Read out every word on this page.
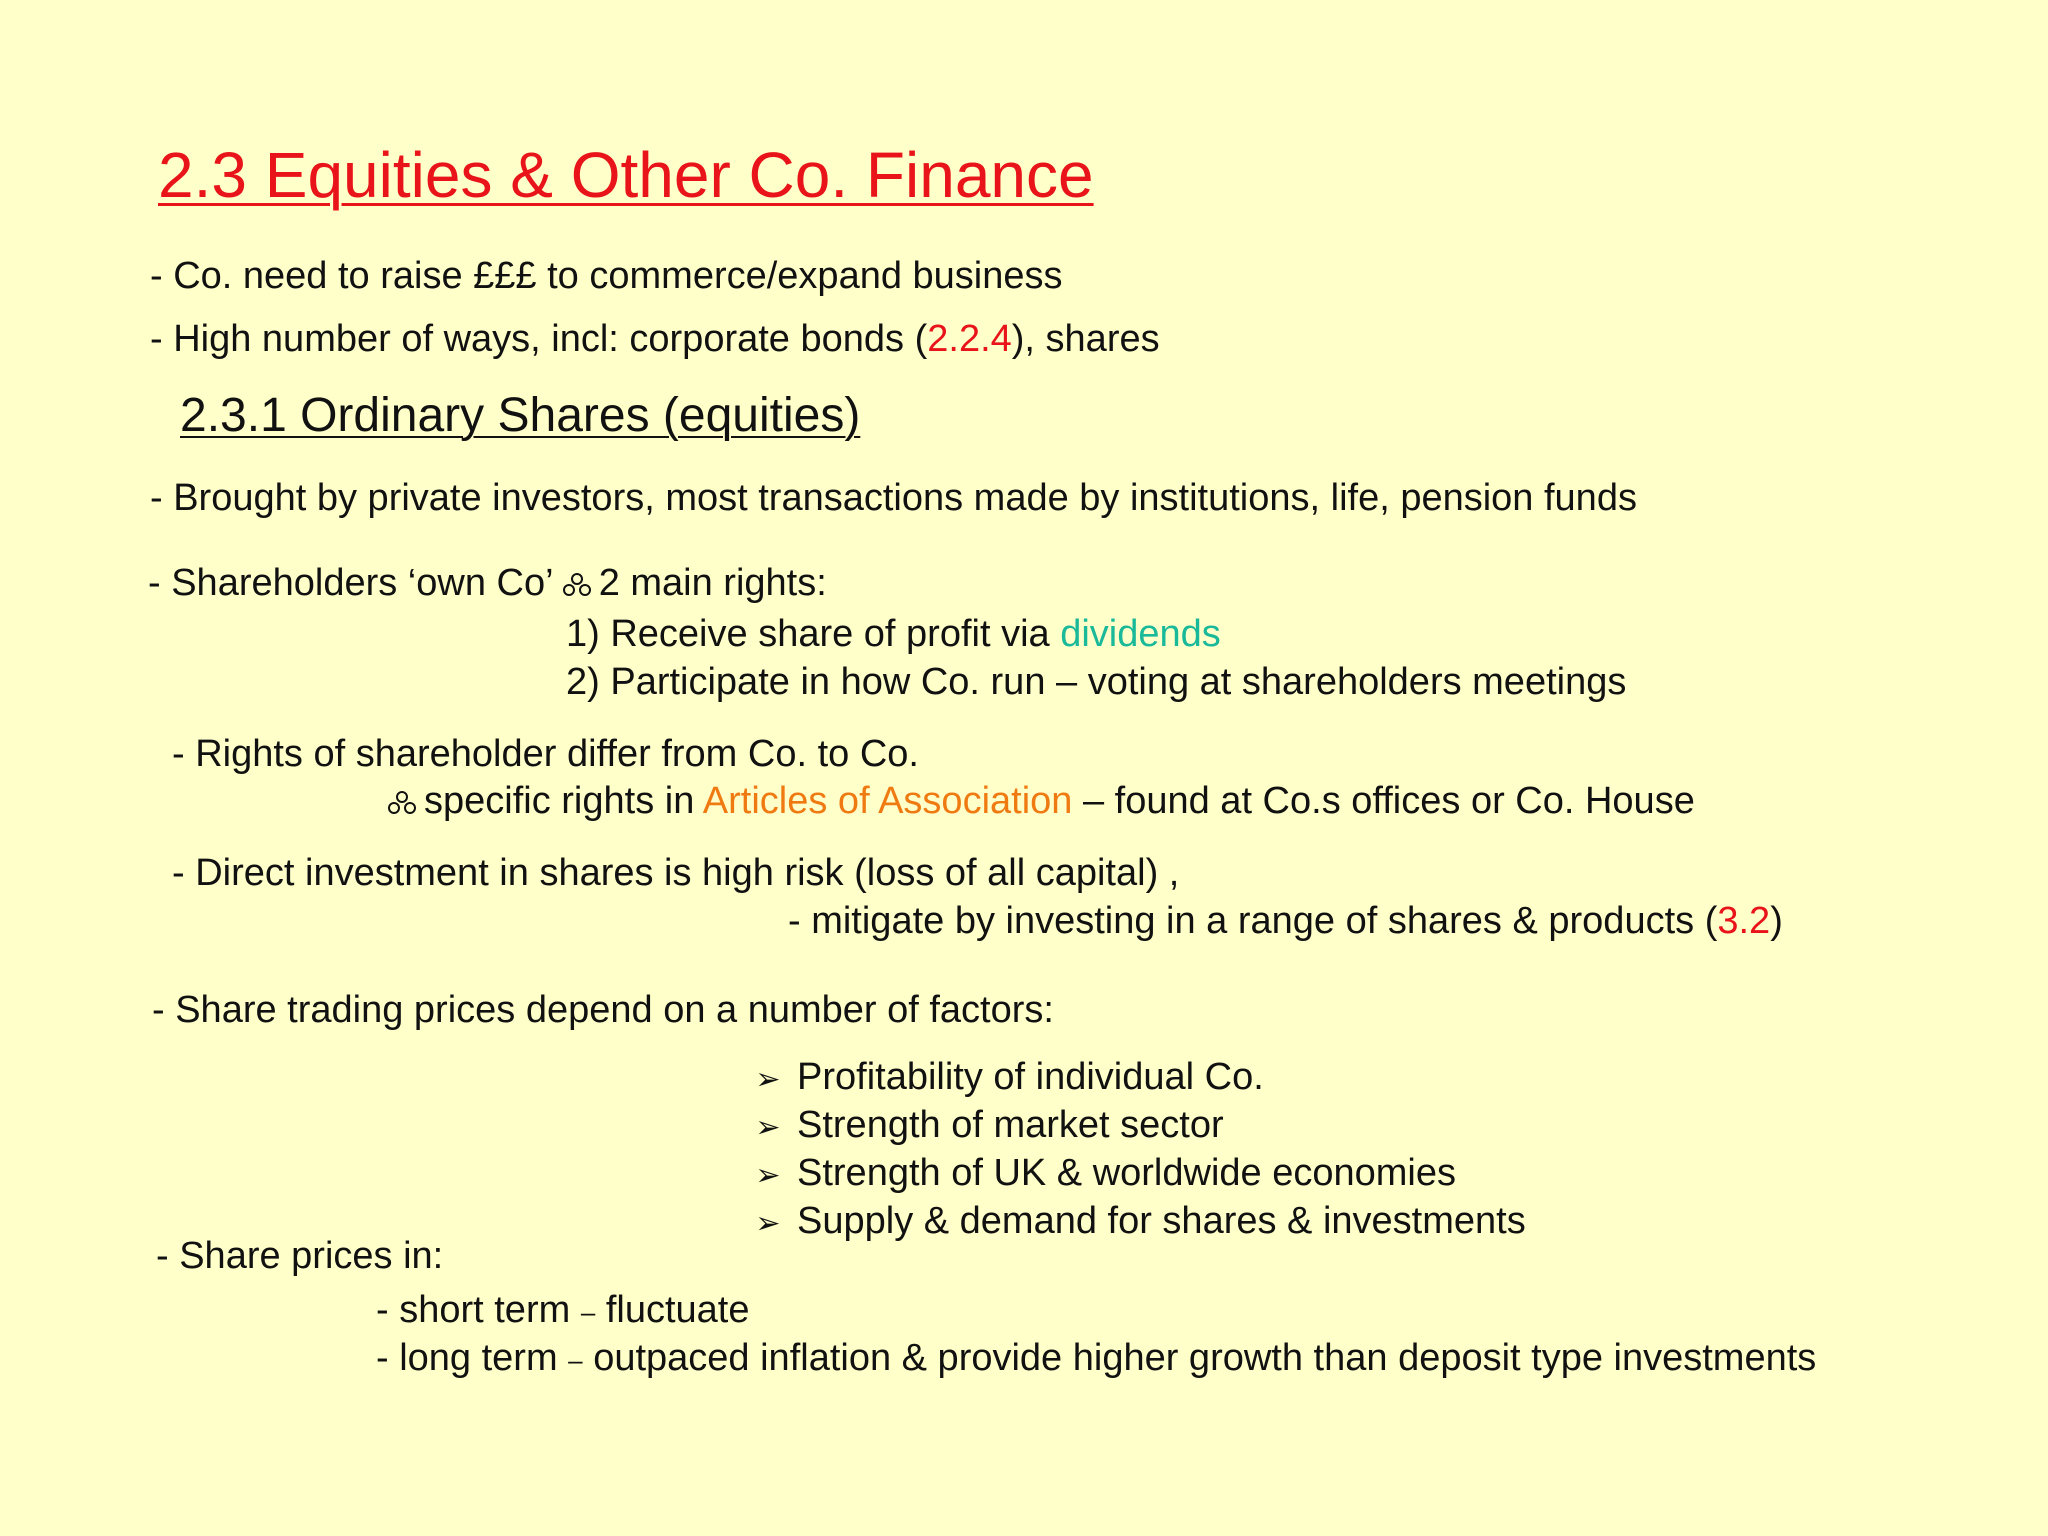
2.3 Equities & Other Co. Finance
- Co. need to raise £££ to commerce/expand business
- High number of ways, incl: corporate bonds (2.2.4), shares
2.3.1 Ordinary Shares (equities)
- Brought by private investors, most transactions made by institutions, life, pension funds
- Shareholders ‘own Co’ 2 main rights:
1) Receive share of profit via dividends
2) Participate in how Co. run – voting at shareholders meetings
- Rights of shareholder differ from Co. to Co.
specific rights in Articles of Association – found at Co.s offices or Co. House
- Direct investment in shares is high risk (loss of all capital) ,
- mitigate by investing in a range of shares & products (3.2)
- Share trading prices depend on a number of factors:
➢ Profitability of individual Co.
➢ Strength of market sector
➢ Strength of UK & worldwide economies
➢ Supply & demand for shares & investments
- Share prices in:
- short term – fluctuate
- long term – outpaced inflation & provide higher growth than deposit type investments
